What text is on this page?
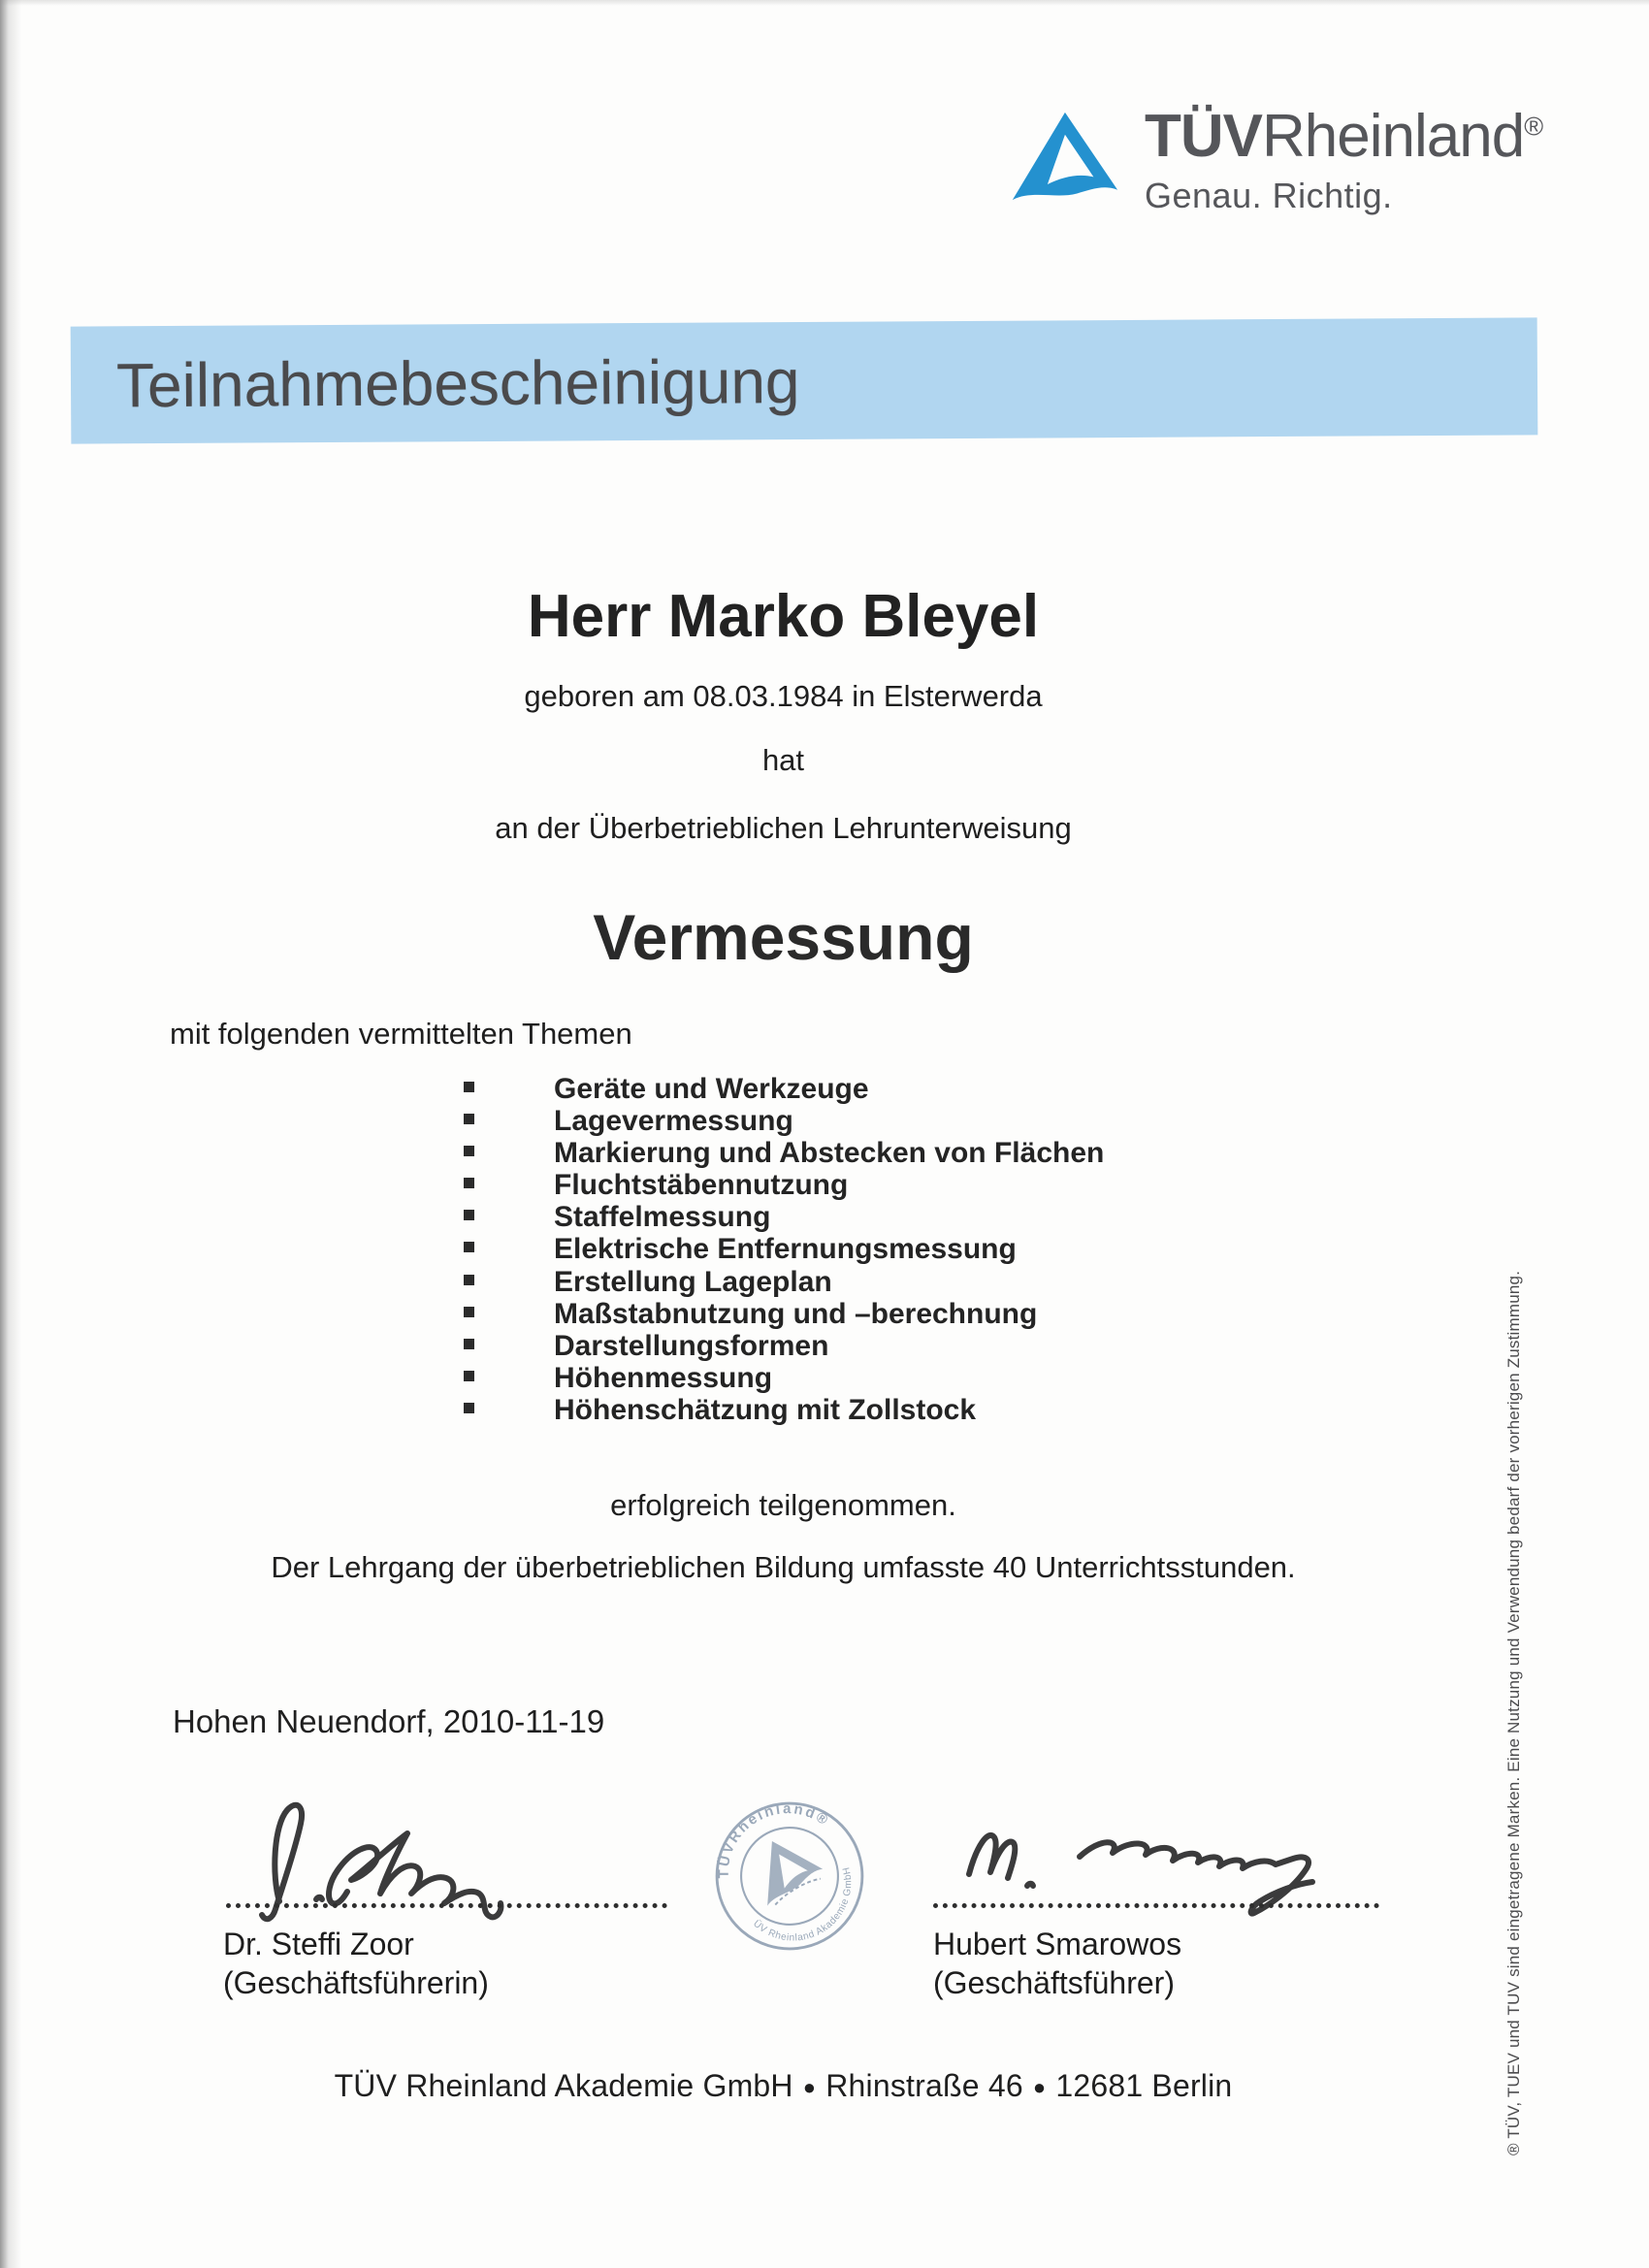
TÜVRheinland®
Genau. Richtig.
Teilnahmebescheinigung
Herr Marko Bleyel
geboren am 08.03.1984 in Elsterwerda
hat
an der Überbetrieblichen Lehrunterweisung
Vermessung
mit folgenden vermittelten Themen
Geräte und Werkzeuge
Lagevermessung
Markierung und Abstecken von Flächen
Fluchtstäbennutzung
Staffelmessung
Elektrische Entfernungsmessung
Erstellung Lageplan
Maßstabnutzung und –berechnung
Darstellungsformen
Höhenmessung
Höhenschätzung mit Zollstock
erfolgreich teilgenommen.
Der Lehrgang der überbetrieblichen Bildung umfasste 40 Unterrichtsstunden.
Hohen Neuendorf, 2010-11-19
Dr. Steffi Zoor
(Geschäftsführerin)
Hubert Smarowos
(Geschäftsführer)
TÜVRheinland®
TÜV Rheinland Akademie GmbH
TÜV Rheinland Akademie GmbH ● Rhinstraße 46 ● 12681 Berlin	® TÜV, TUEV und TUV sind eingetragene Marken. Eine Nutzung und Verwendung bedarf der vorherigen Zustimmung.
